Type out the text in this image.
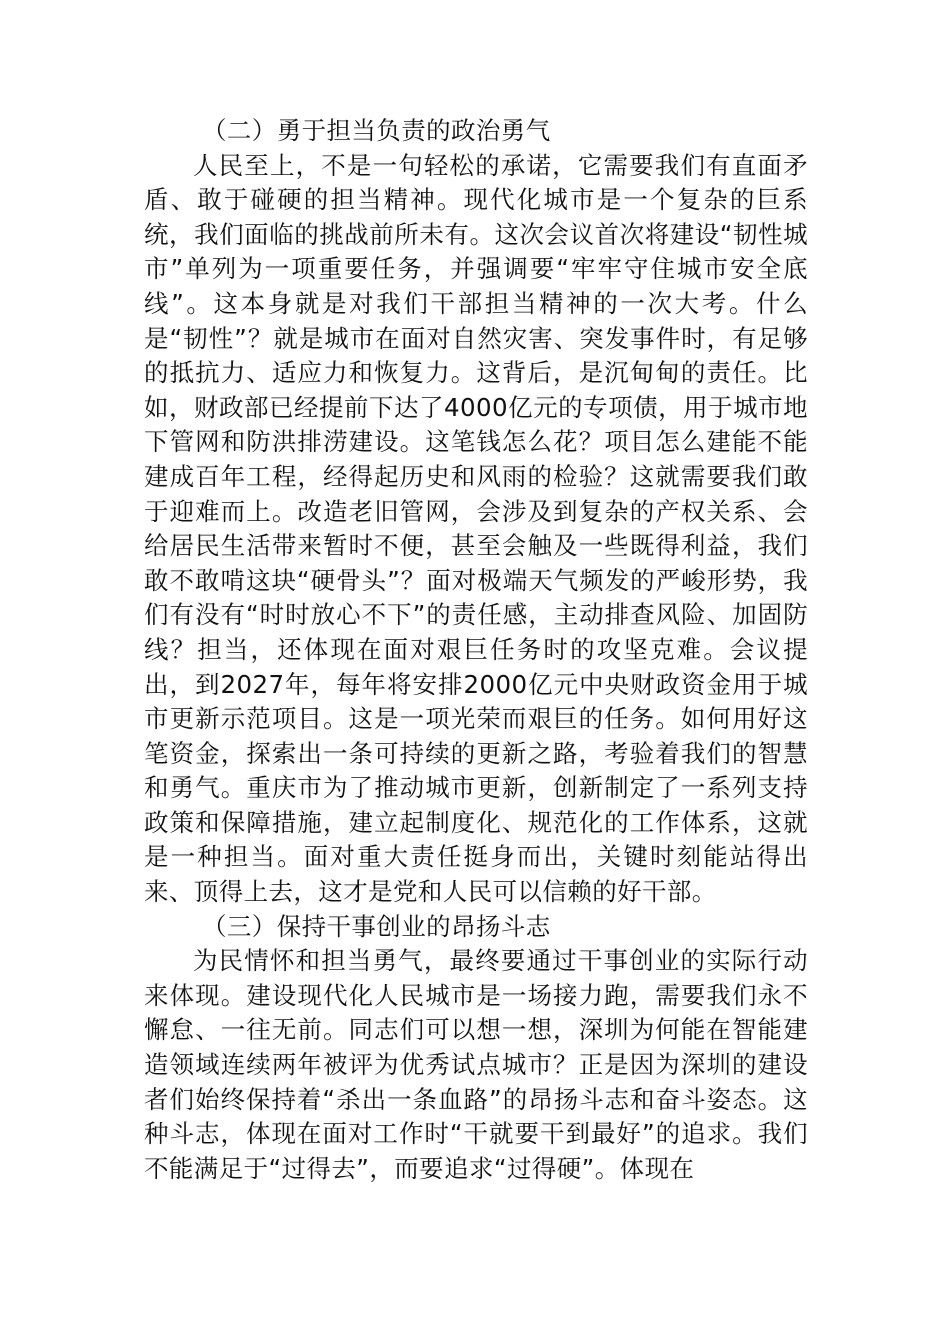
（二）勇于担当负责的政治勇气

人民至上，不是一句轻松的承诺，它需要我们有直面矛盾、敢于碰硬的担当精神。现代化城市是一个复杂的巨系统，我们面临的挑战前所未有。这次会议首次将建设“韧性城市”单列为一项重要任务，并强调要“牢牢守住城市安全底线”。这本身就是对我们干部担当精神的一次大考。什么是“韧性”？就是城市在面对自然灾害、突发事件时，有足够的抵抗力、适应力和恢复力。这背后，是沉甸甸的责任。比如，财政部已经提前下达了4000亿元的专项债，用于城市地下管网和防洪排涝建设。这笔钱怎么花？项目怎么建能不能建成百年工程，经得起历史和风雨的检验？这就需要我们敢于迎难而上。改造老旧管网，会涉及到复杂的产权关系、会给居民生活带来暂时不便，甚至会触及一些既得利益，我们敢不敢啃这块“硬骨头”？面对极端天气频发的严峻形势，我们有没有“时时放心不下”的责任感，主动排查风险、加固防线？担当，还体现在面对艰巨任务时的攻坚克难。会议提出，到2027年，每年将安排2000亿元中央财政资金用于城市更新示范项目。这是一项光荣而艰巨的任务。如何用好这笔资金，探索出一条可持续的更新之路，考验着我们的智慧和勇气。重庆市为了推动城市更新，创新制定了一系列支持政策和保障措施，建立起制度化、规范化的工作体系，这就是一种担当。面对重大责任挺身而出，关键时刻能站得出来、顶得上去，这才是党和人民可以信赖的好干部。

（三）保持干事创业的昂扬斗志

为民情怀和担当勇气，最终要通过干事创业的实际行动来体现。建设现代化人民城市是一场接力跑，需要我们永不懈怠、一往无前。同志们可以想一想，深圳为何能在智能建造领域连续两年被评为优秀试点城市？正是因为深圳的建设者们始终保持着“杀出一条血路”的昂扬斗志和奋斗姿态。这种斗志，体现在面对工作时“干就要干到最好”的追求。我们不能满足于“过得去”，而要追求“过得硬”。体现在
